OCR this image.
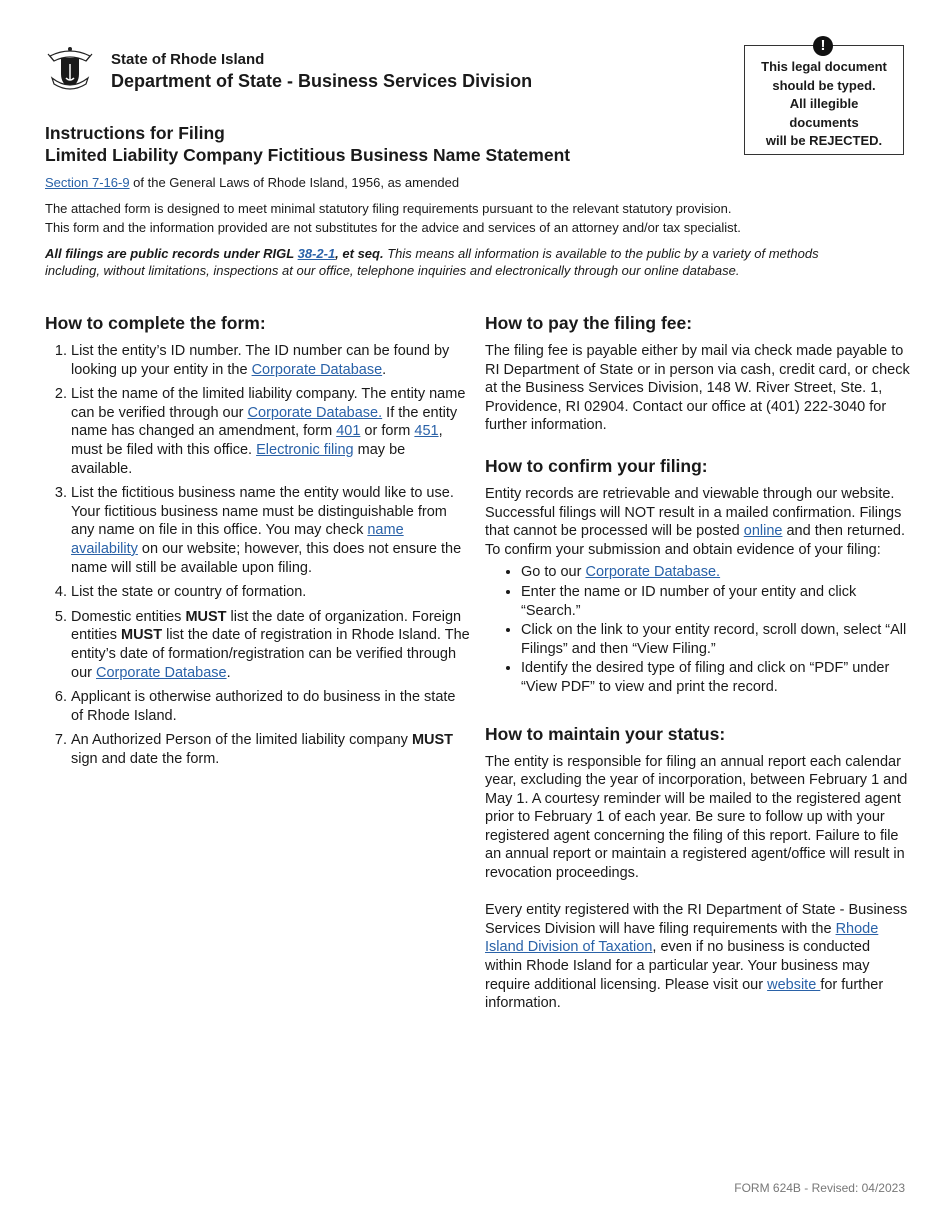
State of Rhode Island
Department of State - Business Services Division
!
This legal document
should be typed.
All illegible
documents
will be REJECTED.
Instructions for Filing
Limited Liability Company Fictitious Business Name Statement
Section 7-16-9 of the General Laws of Rhode Island, 1956, as amended
The attached form is designed to meet minimal statutory filing requirements pursuant to the relevant statutory provision.
This form and the information provided are not substitutes for the advice and services of an attorney and/or tax specialist.
All filings are public records under RIGL 38-2-1, et seq. This means all information is available to the public by a variety of methods including, without limitations, inspections at our office, telephone inquiries and electronically through our online database.
How to complete the form:
1. List the entity’s ID number. The ID number can be found by looking up your entity in the Corporate Database.
2. List the name of the limited liability company. The entity name can be verified through our Corporate Database. If the entity name has changed an amendment, form 401 or form 451, must be filed with this office. Electronic filing may be available.
3. List the fictitious business name the entity would like to use. Your fictitious business name must be distinguishable from any name on file in this office. You may check name availability on our website; however, this does not ensure the name will still be available upon filing.
4. List the state or country of formation.
5. Domestic entities MUST list the date of organization. Foreign entities MUST list the date of registration in Rhode Island. The entity’s date of formation/registration can be verified through our Corporate Database.
6. Applicant is otherwise authorized to do business in the state of Rhode Island.
7. An Authorized Person of the limited liability company MUST sign and date the form.
How to pay the filing fee:

The filing fee is payable either by mail via check made payable to RI Department of State or in person via cash, credit card, or check at the Business Services Division, 148 W. River Street, Ste. 1, Providence, RI 02904. Contact our office at (401) 222-3040 for further information.

How to confirm your filing:

Entity records are retrievable and viewable through our website. Successful filings will NOT result in a mailed confirmation. Filings that cannot be processed will be posted online and then returned. To confirm your submission and obtain evidence of your filing:

• Go to our Corporate Database.
• Enter the name or ID number of your entity and click “Search.”
• Click on the link to your entity record, scroll down, select “All Filings” and then “View Filing.”
• Identify the desired type of filing and click on “PDF” under “View PDF” to view and print the record.
How to maintain your status:

The entity is responsible for filing an annual report each calendar year, excluding the year of incorporation, between February 1 and May 1. A courtesy reminder will be mailed to the registered agent prior to February 1 of each year. Be sure to follow up with your registered agent concerning the filing of this report. Failure to file an annual report or maintain a registered agent/office will result in revocation proceedings.

Every entity registered with the RI Department of State - Business Services Division will have filing requirements with the Rhode Island Division of Taxation, even if no business is conducted within Rhode Island for a particular year. Your business may require additional licensing. Please visit our website for further information.

FORM 624B - Revised: 04/2023
